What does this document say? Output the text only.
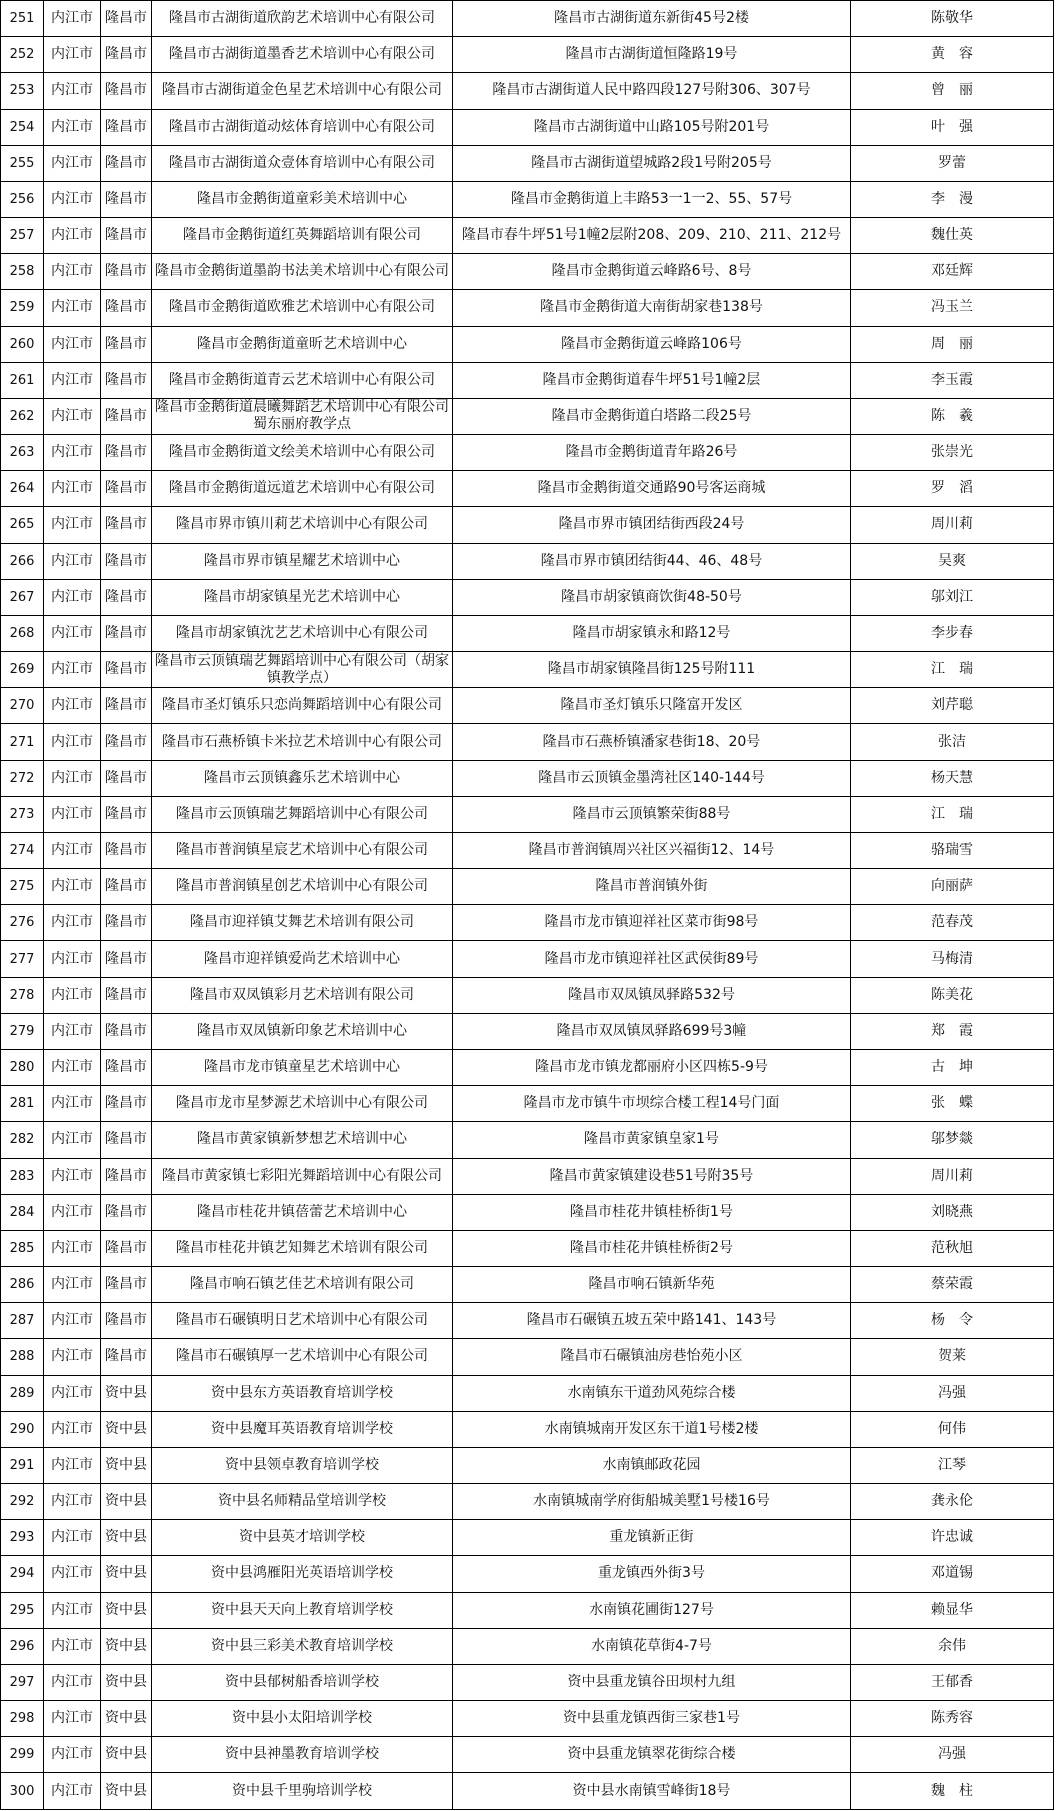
251	内江市	隆昌市	隆昌市古湖街道欣韵艺术培训中心有限公司	隆昌市古湖街道东新街45号2楼	陈敬华
252	内江市	隆昌市	隆昌市古湖街道墨香艺术培训中心有限公司	隆昌市古湖街道恒隆路19号	黄　容
253	内江市	隆昌市	隆昌市古湖街道金色星艺术培训中心有限公司	隆昌市古湖街道人民中路四段127号附306、307号	曾　丽
254	内江市	隆昌市	隆昌市古湖街道动炫体育培训中心有限公司	隆昌市古湖街道中山路105号附201号	叶　强
255	内江市	隆昌市	隆昌市古湖街道众壹体育培训中心有限公司	隆昌市古湖街道望城路2段1号附205号	罗蕾
256	内江市	隆昌市	隆昌市金鹅街道童彩美术培训中心	隆昌市金鹅街道上丰路53一1一2、55、57号	李　漫
257	内江市	隆昌市	隆昌市金鹅街道红英舞蹈培训有限公司	隆昌市春牛坪51号1幢2层附208、209、210、211、212号	魏仕英
258	内江市	隆昌市	隆昌市金鹅街道墨韵书法美术培训中心有限公司	隆昌市金鹅街道云峰路6号、8号	邓廷辉
259	内江市	隆昌市	隆昌市金鹅街道欧雅艺术培训中心有限公司	隆昌市金鹅街道大南街胡家巷138号	冯玉兰
260	内江市	隆昌市	隆昌市金鹅街道童昕艺术培训中心	隆昌市金鹅街道云峰路106号	周　丽
261	内江市	隆昌市	隆昌市金鹅街道青云艺术培训中心有限公司	隆昌市金鹅街道春牛坪51号1幢2层	李玉霞
262	内江市	隆昌市	隆昌市金鹅街道晨曦舞蹈艺术培训中心有限公司蜀东丽府教学点	隆昌市金鹅街道白塔路二段25号	陈　羲
263	内江市	隆昌市	隆昌市金鹅街道文绘美术培训中心有限公司	隆昌市金鹅街道青年路26号	张崇光
264	内江市	隆昌市	隆昌市金鹅街道远道艺术培训中心有限公司	隆昌市金鹅街道交通路90号客运商城	罗　滔
265	内江市	隆昌市	隆昌市界市镇川莉艺术培训中心有限公司	隆昌市界市镇团结街西段24号	周川莉
266	内江市	隆昌市	隆昌市界市镇星耀艺术培训中心	隆昌市界市镇团结街44、46、48号	吴爽
267	内江市	隆昌市	隆昌市胡家镇星光艺术培训中心	隆昌市胡家镇商饮街48-50号	邬刘江
268	内江市	隆昌市	隆昌市胡家镇沈艺艺术培训中心有限公司	隆昌市胡家镇永和路12号	李步春
269	内江市	隆昌市	隆昌市云顶镇瑞艺舞蹈培训中心有限公司（胡家镇教学点）	隆昌市胡家镇隆昌街125号附111	江　瑞
270	内江市	隆昌市	隆昌市圣灯镇乐只恋尚舞蹈培训中心有限公司	隆昌市圣灯镇乐只隆富开发区	刘芹聪
271	内江市	隆昌市	隆昌市石燕桥镇卡米拉艺术培训中心有限公司	隆昌市石燕桥镇潘家巷街18、20号	张洁
272	内江市	隆昌市	隆昌市云顶镇鑫乐艺术培训中心	隆昌市云顶镇金墨湾社区140-144号	杨天慧
273	内江市	隆昌市	隆昌市云顶镇瑞艺舞蹈培训中心有限公司	隆昌市云顶镇繁荣街88号	江　瑞
274	内江市	隆昌市	隆昌市普润镇星宸艺术培训中心有限公司	隆昌市普润镇周兴社区兴福街12、14号	骆瑞雪
275	内江市	隆昌市	隆昌市普润镇星创艺术培训中心有限公司	隆昌市普润镇外街	向丽萨
276	内江市	隆昌市	隆昌市迎祥镇艾舞艺术培训有限公司	隆昌市龙市镇迎祥社区菜市街98号	范春茂
277	内江市	隆昌市	隆昌市迎祥镇爱尚艺术培训中心	隆昌市龙市镇迎祥社区武侯街89号	马梅清
278	内江市	隆昌市	隆昌市双凤镇彩月艺术培训有限公司	隆昌市双凤镇凤驿路532号	陈美花
279	内江市	隆昌市	隆昌市双凤镇新印象艺术培训中心	隆昌市双凤镇凤驿路699号3幢	郑　霞
280	内江市	隆昌市	隆昌市龙市镇童星艺术培训中心	隆昌市龙市镇龙都丽府小区四栋5-9号	古　坤
281	内江市	隆昌市	隆昌市龙市星梦源艺术培训中心有限公司	隆昌市龙市镇牛市坝综合楼工程14号门面	张　蝶
282	内江市	隆昌市	隆昌市黄家镇新梦想艺术培训中心	隆昌市黄家镇皇家1号	邬梦燚
283	内江市	隆昌市	隆昌市黄家镇七彩阳光舞蹈培训中心有限公司	隆昌市黄家镇建设巷51号附35号	周川莉
284	内江市	隆昌市	隆昌市桂花井镇蓓蕾艺术培训中心	隆昌市桂花井镇桂桥街1号	刘晓燕
285	内江市	隆昌市	隆昌市桂花井镇艺知舞艺术培训有限公司	隆昌市桂花井镇桂桥街2号	范秋旭
286	内江市	隆昌市	隆昌市响石镇艺佳艺术培训有限公司	隆昌市响石镇新华苑	蔡荣霞
287	内江市	隆昌市	隆昌市石碾镇明日艺术培训中心有限公司	隆昌市石碾镇五坡五荣中路141、143号	杨　令
288	内江市	隆昌市	隆昌市石碾镇厚一艺术培训中心有限公司	隆昌市石碾镇油房巷怡苑小区	贺莱
289	内江市	资中县	资中县东方英语教育培训学校	水南镇东干道劲风苑综合楼	冯强
290	内江市	资中县	资中县魔耳英语教育培训学校	水南镇城南开发区东干道1号楼2楼	何伟
291	内江市	资中县	资中县领卓教育培训学校	水南镇邮政花园	江琴
292	内江市	资中县	资中县名师精品堂培训学校	水南镇城南学府街船城美墅1号楼16号	龚永伦
293	内江市	资中县	资中县英才培训学校	重龙镇新正街	许忠诚
294	内江市	资中县	资中县鸿雁阳光英语培训学校	重龙镇西外街3号	邓道锡
295	内江市	资中县	资中县天天向上教育培训学校	水南镇花圃街127号	赖显华
296	内江市	资中县	资中县三彩美术教育培训学校	水南镇花草街4-7号	余伟
297	内江市	资中县	资中县郁树船香培训学校	资中县重龙镇谷田坝村九组	王郁香
298	内江市	资中县	资中县小太阳培训学校	资中县重龙镇西街三家巷1号	陈秀容
299	内江市	资中县	资中县神墨教育培训学校	资中县重龙镇翠花街综合楼	冯强
300	内江市	资中县	资中县千里驹培训学校	资中县水南镇雪峰街18号	魏　柱
